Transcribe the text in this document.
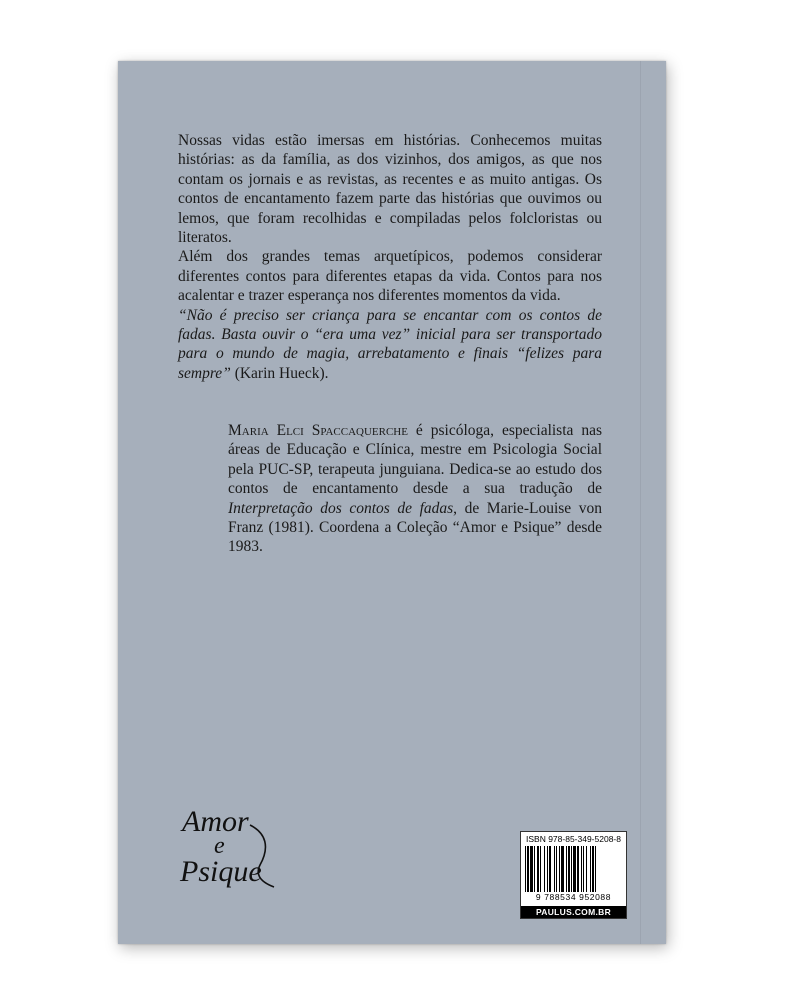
Nossas vidas estão imersas em histórias. Conhecemos muitas histórias: as da família, as dos vizinhos, dos amigos, as que nos contam os jornais e as revistas, as recentes e as muito antigas. Os contos de encantamento fazem parte das histórias que ouvimos ou lemos, que foram recolhidas e compiladas pelos folcloristas ou literatos.

Além dos grandes temas arquetípicos, podemos considerar diferentes contos para diferentes etapas da vida. Contos para nos acalentar e trazer esperança nos diferentes momentos da vida.

“Não é preciso ser criança para se encantar com os contos de fadas. Basta ouvir o “era uma vez” inicial para ser transportado para o mundo de magia, arrebatamento e finais “felizes para sempre” (Karin Hueck).

Maria Elci Spaccaquerche é psicóloga, especialista nas áreas de Educação e Clínica, mestre em Psicologia Social pela PUC-SP, terapeuta junguiana. Dedica-se ao estudo dos contos de encantamento desde a sua tradução de Interpretação dos contos de fadas, de Marie-Louise von Franz (1981). Coordena a Coleção “Amor e Psique” desde 1983.

Amor
e
Psique
ISBN 978-85-349-5208-8
9 788534 952088
PAULUS.COM.BR
